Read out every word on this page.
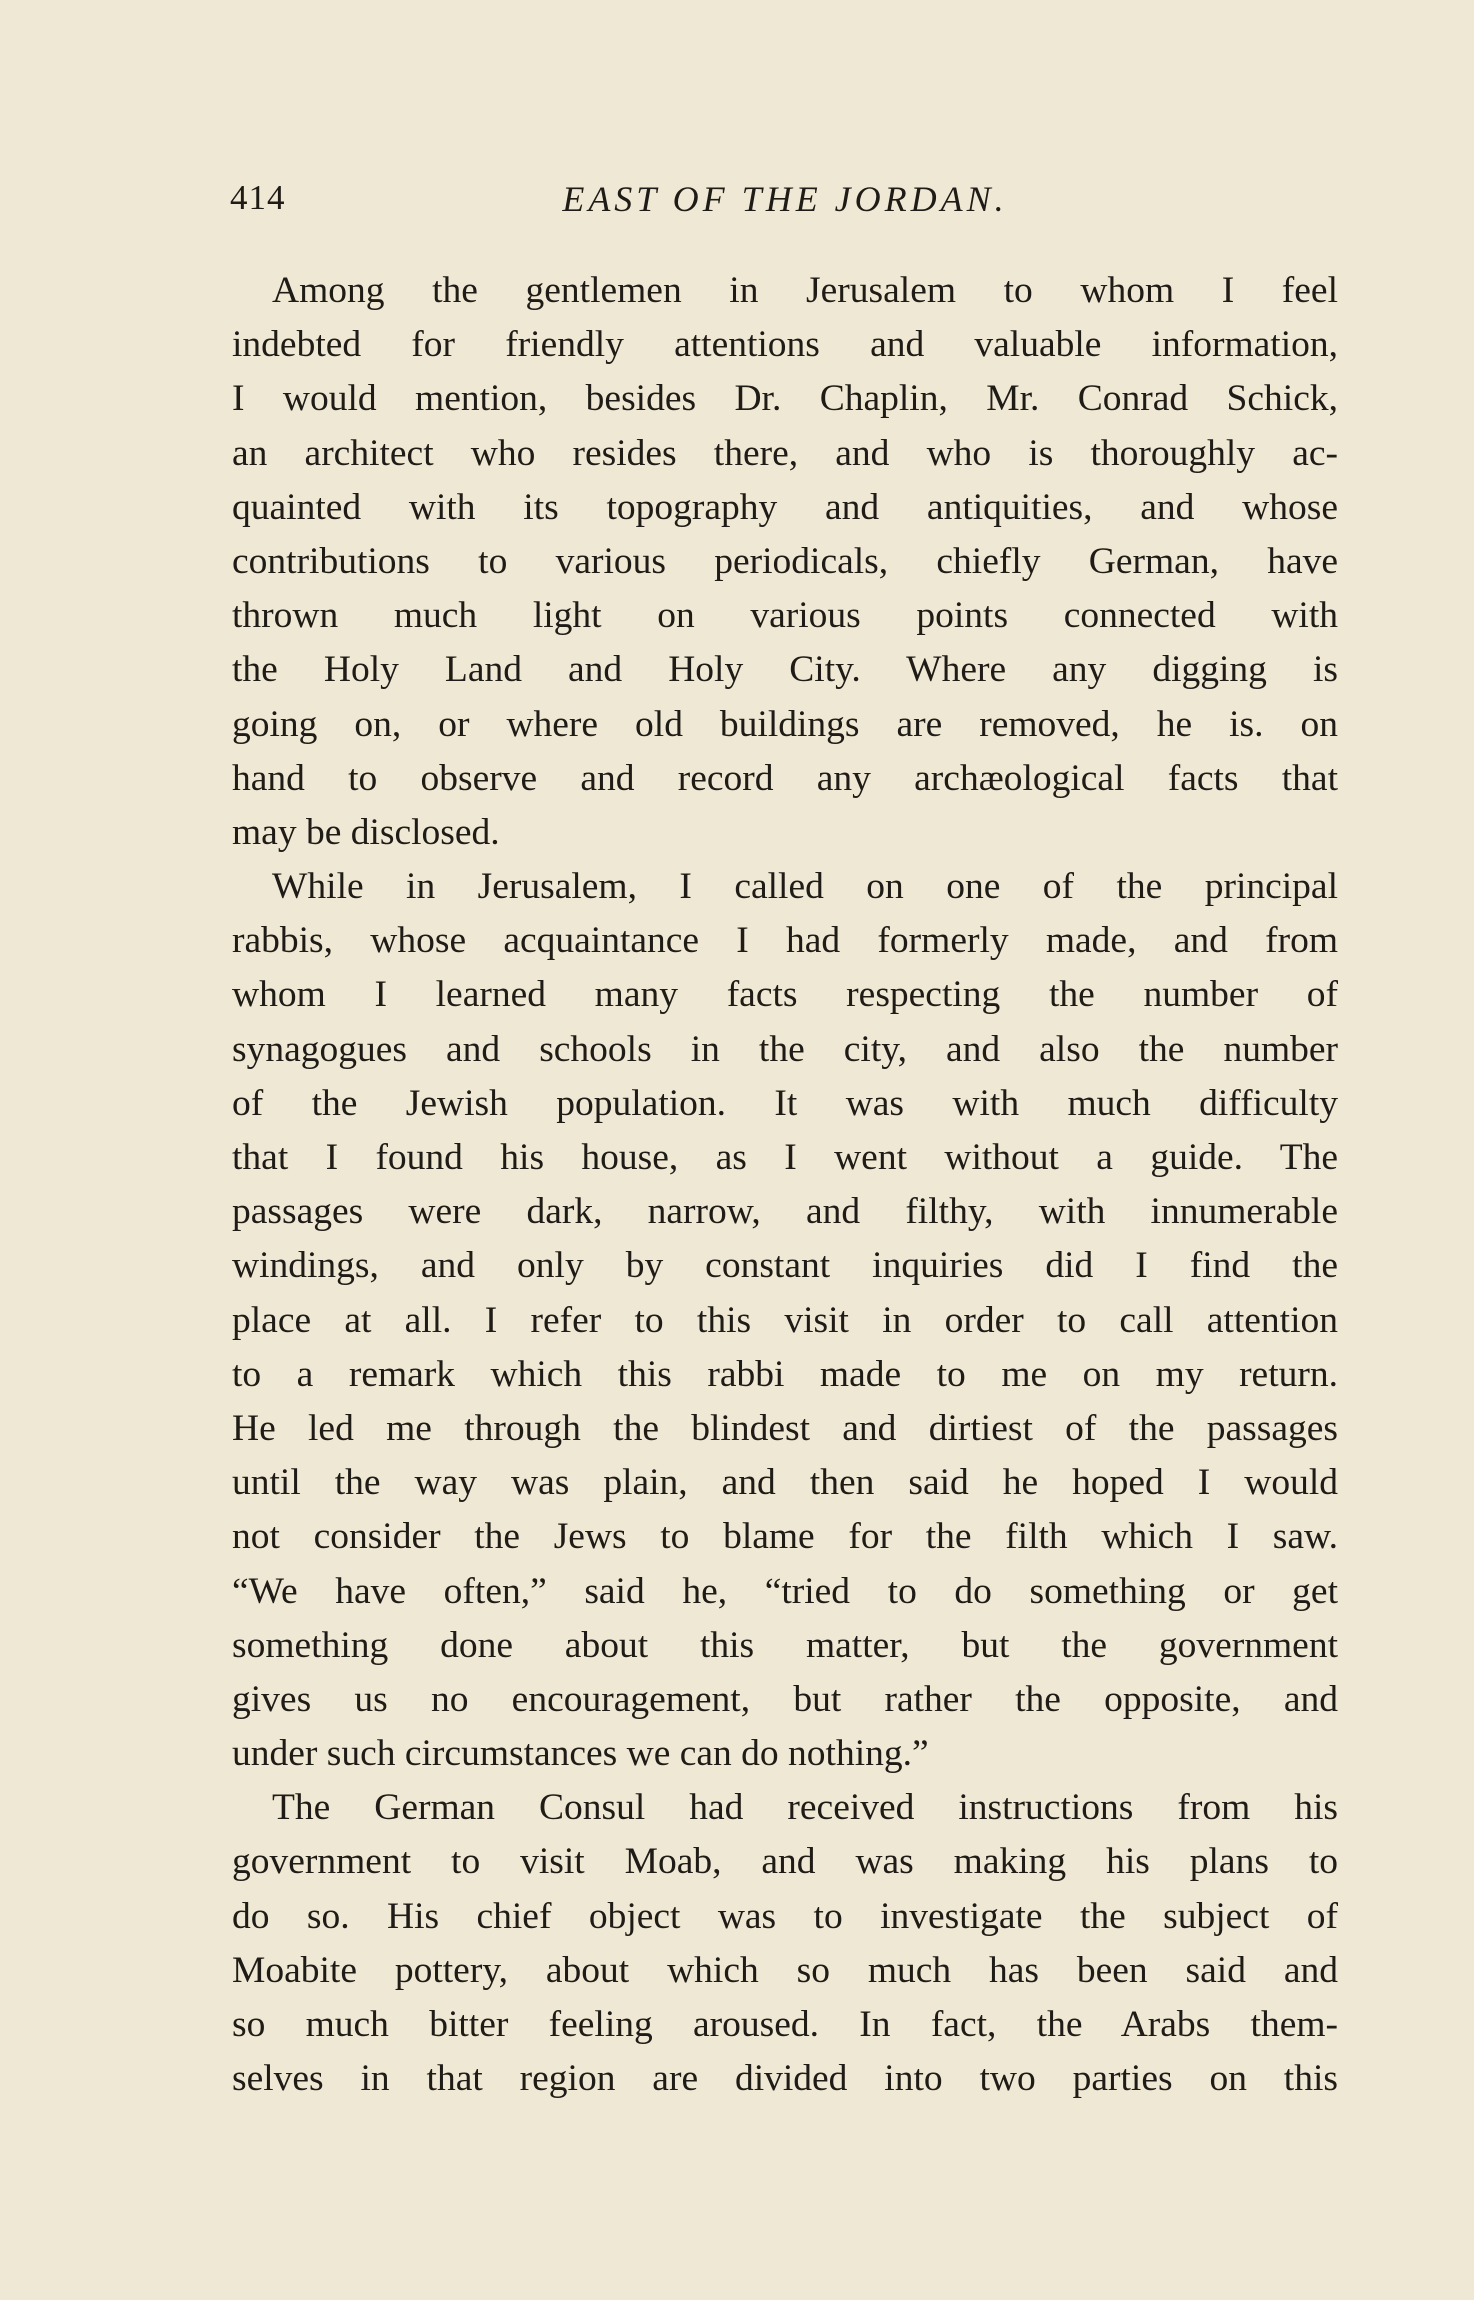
414	EAST OF THE JORDAN.
Among the gentlemen in Jerusalem to whom I feel
indebted for friendly attentions and valuable information,
I would mention, besides Dr. Chaplin, Mr. Conrad Schick,
an architect who resides there, and who is thoroughly ac-
quainted with its topography and antiquities, and whose
contributions to various periodicals, chiefly German, have
thrown much light on various points connected with
the Holy Land and Holy City. Where any digging is
going on, or where old buildings are removed, he is. on
hand to observe and record any archæological facts that
may be disclosed.
While in Jerusalem, I called on one of the principal
rabbis, whose acquaintance I had formerly made, and from
whom I learned many facts respecting the number of
synagogues and schools in the city, and also the number
of the Jewish population. It was with much difficulty
that I found his house, as I went without a guide. The
passages were dark, narrow, and filthy, with innumerable
windings, and only by constant inquiries did I find the
place at all. I refer to this visit in order to call attention
to a remark which this rabbi made to me on my return.
He led me through the blindest and dirtiest of the passages
until the way was plain, and then said he hoped I would
not consider the Jews to blame for the filth which I saw.
“We have often,” said he, “tried to do something or get
something done about this matter, but the government
gives us no encouragement, but rather the opposite, and
under such circumstances we can do nothing.”
The German Consul had received instructions from his
government to visit Moab, and was making his plans to
do so. His chief object was to investigate the subject of
Moabite pottery, about which so much has been said and
so much bitter feeling aroused. In fact, the Arabs them-
selves in that region are divided into two parties on this
